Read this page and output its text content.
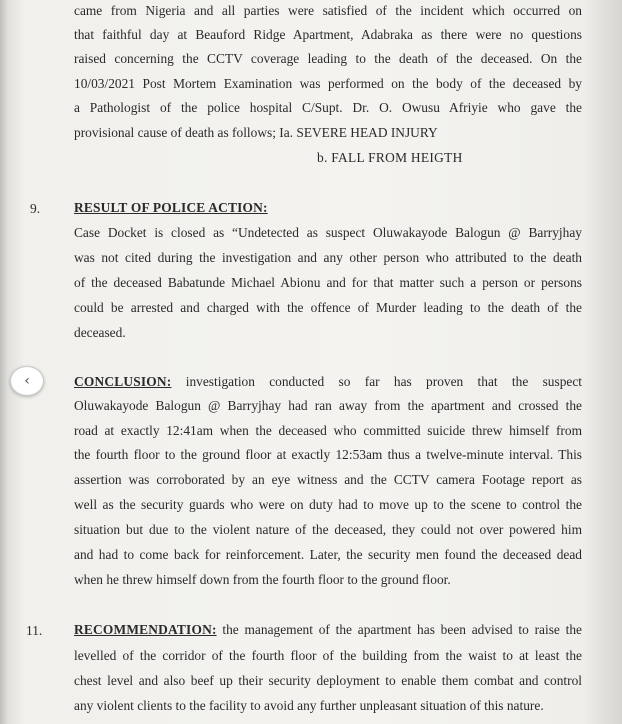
came from Nigeria and all parties were satisfied of the incident which occurred on
that faithful day at Beauford Ridge Apartment, Adabraka as there were no questions
raised concerning the CCTV coverage leading to the death of the deceased. On the
10/03/2021 Post Mortem Examination was performed on the body of the deceased by
a Pathologist of the police hospital C/Supt. Dr. O. Owusu Afriyie who gave the
provisional cause of death as follows; Ia. SEVERE HEAD INJURY
b. FALL FROM HEIGTH
9.	RESULT OF POLICE ACTION:
Case Docket is closed as “Undetected as suspect Oluwakayode Balogun @ Barryjhay
was not cited during the investigation and any other person who attributed to the death
of the deceased Babatunde Michael Abionu and for that matter such a person or persons
could be arrested and charged with the offence of Murder leading to the death of the
deceased.
‹	CONCLUSION: investigation conducted so far has proven that the suspect
Oluwakayode Balogun @ Barryjhay had ran away from the apartment and crossed the
road at exactly 12:41am when the deceased who committed suicide threw himself from
the fourth floor to the ground floor at exactly 12:53am thus a twelve-minute interval. This
assertion was corroborated by an eye witness and the CCTV camera Footage report as
well as the security guards who were on duty had to move up to the scene to control the
situation but due to the violent nature of the deceased, they could not over powered him
and had to come back for reinforcement. Later, the security men found the deceased dead
when he threw himself down from the fourth floor to the ground floor.
11. RECOMMENDATION: the management of the apartment has been advised to raise the
levelled of the corridor of the fourth floor of the building from the waist to at least the
chest level and also beef up their security deployment to enable them combat and control
any violent clients to the facility to avoid any further unpleasant situation of this nature.
